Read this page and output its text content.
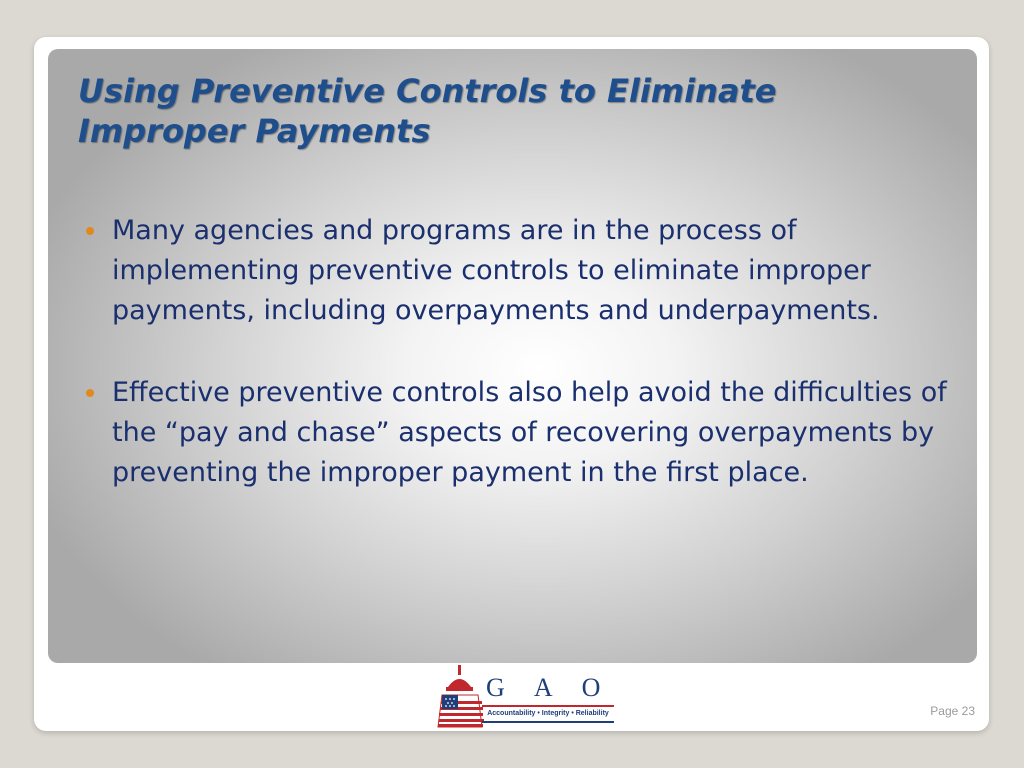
Using Preventive Controls to Eliminate
Improper Payments
Many agencies and programs are in the process of implementing preventive controls to eliminate improper payments, including overpayments and underpayments.
Effective preventive controls also help avoid the difficulties of the “pay and chase” aspects of recovering overpayments by preventing the improper payment in the first place.
G A O
Accountability • Integrity • Reliability	Page 23
